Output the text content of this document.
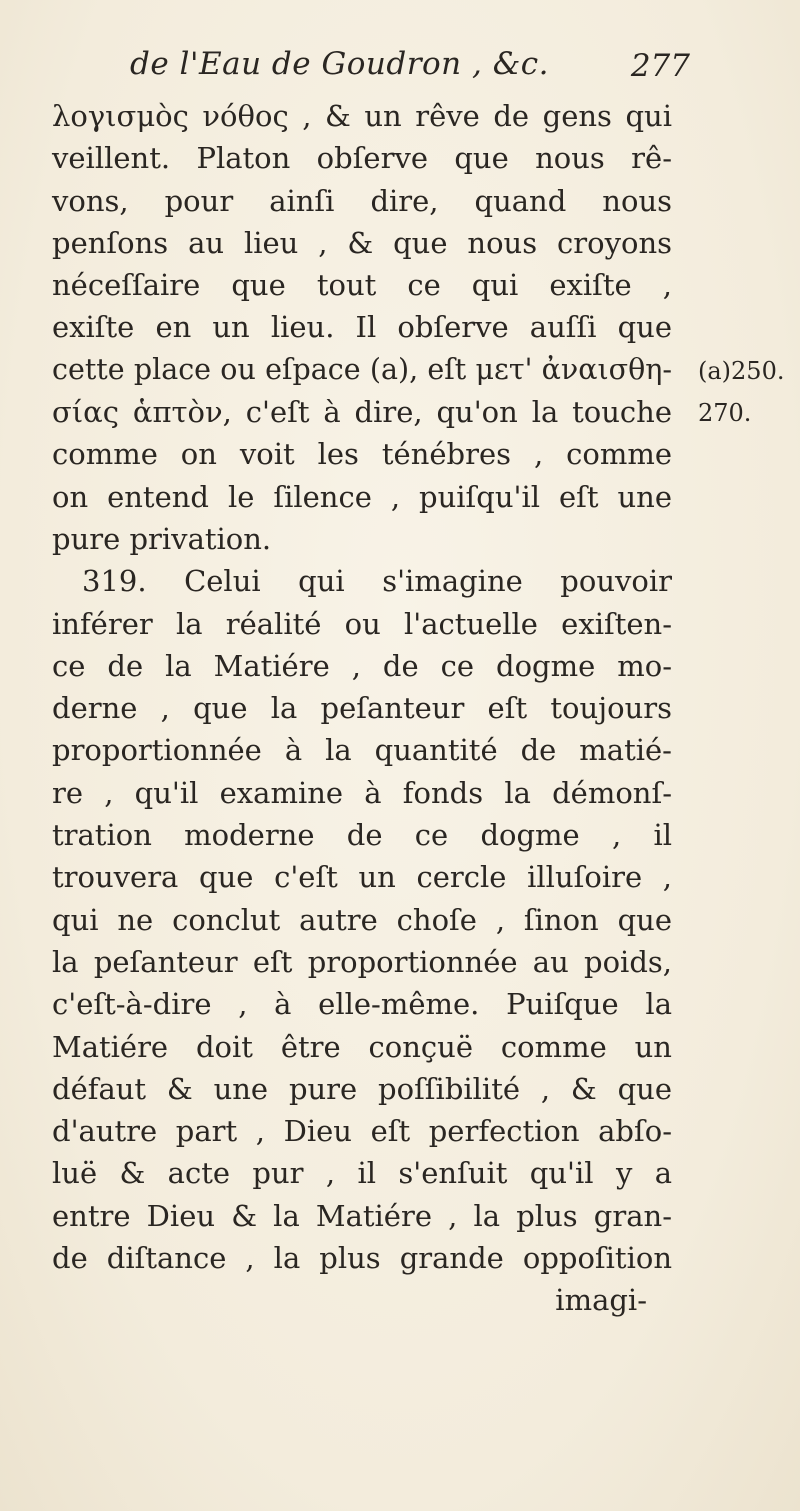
de l'Eau de Goudron , &c.	277
λογισμὸς νόθος , & un rêve de gens qui
veillent. Platon obſerve que nous rê-
vons, pour ainſi dire, quand nous
penſons au lieu , & que nous croyons
néceſſaire que tout ce qui exiſte ,
exiſte en un lieu. Il obſerve auſſi que
cette place ou eſpace (a), eſt μετ' ἀναισθη-
σίας ἁπτὸν, c'eſt à dire, qu'on la touche
comme on voit les ténébres , comme
on entend le ſilence , puiſqu'il eſt une
pure privation.
319. Celui qui s'imagine pouvoir
inférer la réalité ou l'actuelle exiſten-
ce de la Matiére , de ce dogme mo-
derne , que la peſanteur eſt toujours
proportionnée à la quantité de matié-
re , qu'il examine à fonds la démonſ-
tration moderne de ce dogme , il
trouvera que c'eſt un cercle illuſoire ,
qui ne conclut autre choſe , ſinon que
la peſanteur eſt proportionnée au poids,
c'eſt-à-dire , à elle-même. Puiſque la
Matiére doit être conçuë comme un
défaut & une pure poſſibilité , & que
d'autre part , Dieu eſt perfection abſo-
luë & acte pur , il s'enſuit qu'il y a
entre Dieu & la Matiére , la plus gran-
de diſtance , la plus grande oppoſition
imagi-
(a)250.
270.
